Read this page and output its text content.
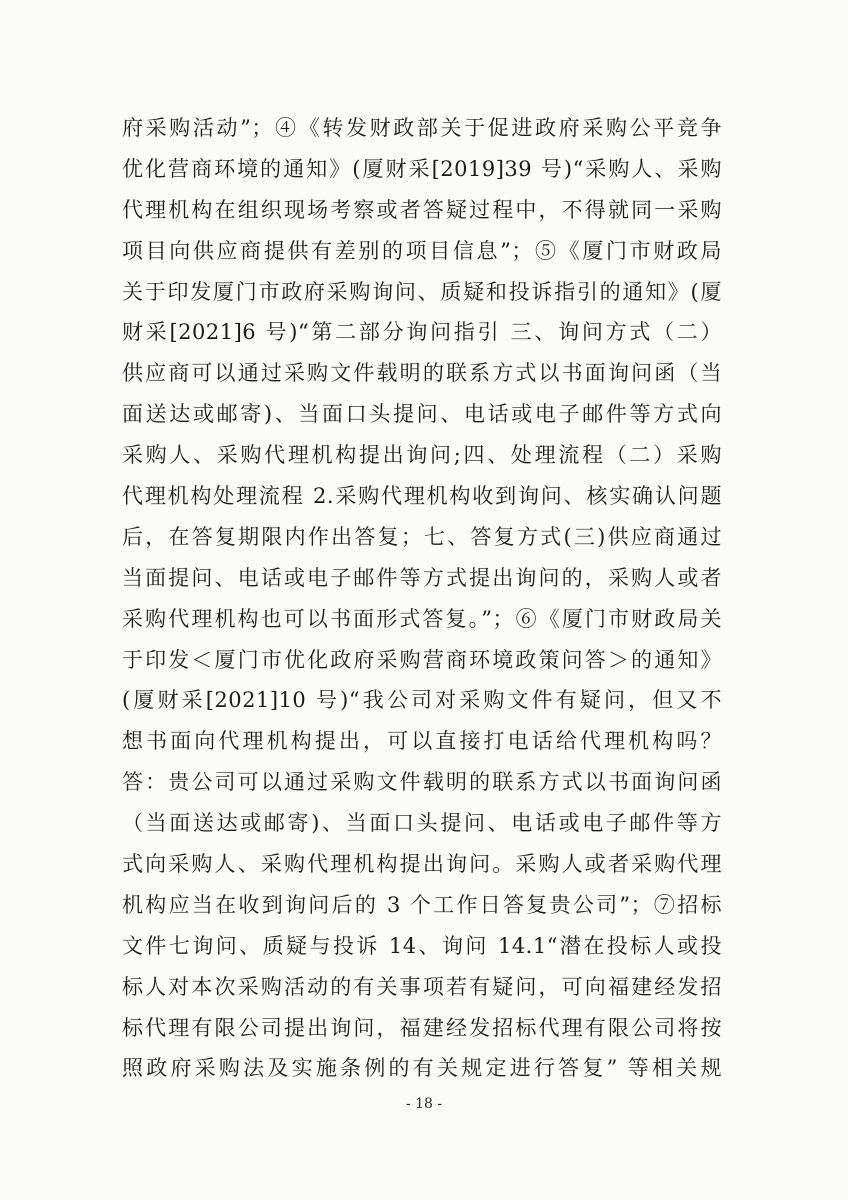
府采购活动”；④《转发财政部关于促进政府采购公平竞争
优化营商环境的通知》(厦财采[2019]39 号)“采购人、采购
代理机构在组织现场考察或者答疑过程中，不得就同一采购
项目向供应商提供有差别的项目信息”；⑤《厦门市财政局
关于印发厦门市政府采购询问、质疑和投诉指引的通知》(厦
财采[2021]6 号)“第二部分询问指引 三、询问方式（二）
供应商可以通过采购文件载明的联系方式以书面询问函（当
面送达或邮寄)、当面口头提问、电话或电子邮件等方式向
采购人、采购代理机构提出询问;四、处理流程（二）采购
代理机构处理流程 2.采购代理机构收到询问、核实确认问题
后，在答复期限内作出答复；七、答复方式(三)供应商通过
当面提问、电话或电子邮件等方式提出询问的，采购人或者
采购代理机构也可以书面形式答复。”；⑥《厦门市财政局关
于印发＜厦门市优化政府采购营商环境政策问答＞的通知》
(厦财采[2021]10 号)“我公司对采购文件有疑问，但又不
想书面向代理机构提出，可以直接打电话给代理机构吗？
答：贵公司可以通过采购文件载明的联系方式以书面询问函
（当面送达或邮寄)、当面口头提问、电话或电子邮件等方
式向采购人、采购代理机构提出询问。采购人或者采购代理
机构应当在收到询问后的 3 个工作日答复贵公司”；⑦招标
文件七询问、质疑与投诉 14、询问 14.1“潜在投标人或投
标人对本次采购活动的有关事项若有疑问，可向福建经发招
标代理有限公司提出询问，福建经发招标代理有限公司将按
照政府采购法及实施条例的有关规定进行答复” 等相关规
- 18 -
